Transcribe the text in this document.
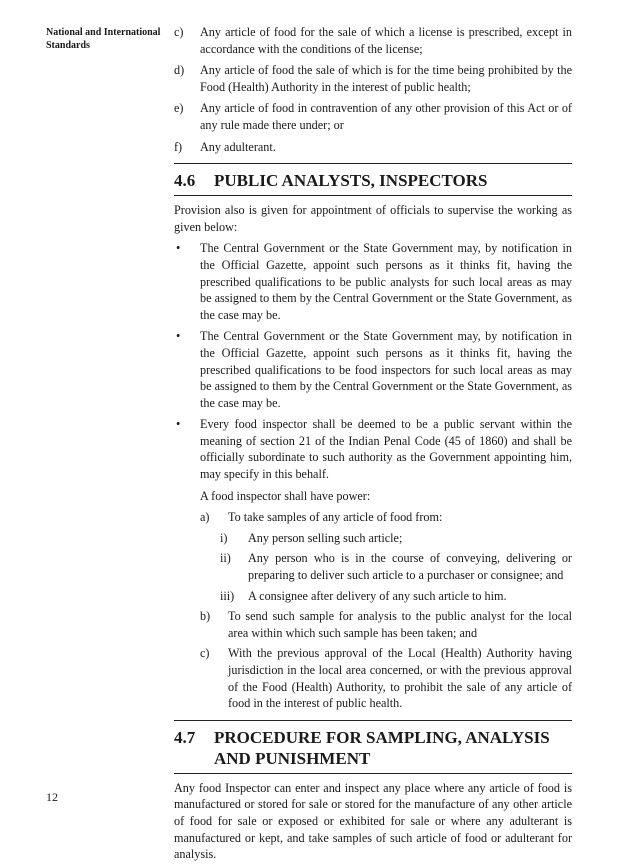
National and International Standards
12
c) Any article of food for the sale of which a license is prescribed, except in accordance with the conditions of the license;
d) Any article of food the sale of which is for the time being prohibited by the Food (Health) Authority in the interest of public health;
e) Any article of food in contravention of any other provision of this Act or of any rule made there under; or
f) Any adulterant.
4.6	PUBLIC ANALYSTS, INSPECTORS

Provision also is given for appointment of officials to supervise the working as given below:

• The Central Government or the State Government may, by notification in the Official Gazette, appoint such persons as it thinks fit, having the prescribed qualifications to be public analysts for such local areas as may be assigned to them by the Central Government or the State Government, as the case may be.
• The Central Government or the State Government may, by notification in the Official Gazette, appoint such persons as it thinks fit, having the prescribed qualifications to be food inspectors for such local areas as may be assigned to them by the Central Government or the State Government, as the case may be.
• Every food inspector shall be deemed to be a public servant within the meaning of section 21 of the Indian Penal Code (45 of 1860) and shall be officially subordinate to such authority as the Government appointing him, may specify in this behalf.

A food inspector shall have power:

a) To take samples of any article of food from:
i) Any person selling such article;
ii) Any person who is in the course of conveying, delivering or preparing to deliver such article to a purchaser or consignee; and
iii) A consignee after delivery of any such article to him.
b) To send such sample for analysis to the public analyst for the local area within which such sample has been taken; and
c) With the previous approval of the Local (Health) Authority having jurisdiction in the local area concerned, or with the previous approval of the Food (Health) Authority, to prohibit the sale of any article of food in the interest of public health.
4.7	PROCEDURE FOR SAMPLING, ANALYSIS AND PUNISHMENT

Any food Inspector can enter and inspect any place where any article of food is manufactured or stored for sale or stored for the manufacture of any other article of food for sale or exposed or exhibited for sale or where any adulterant is manufactured or kept, and take samples of such article of food or adulterant for analysis.
